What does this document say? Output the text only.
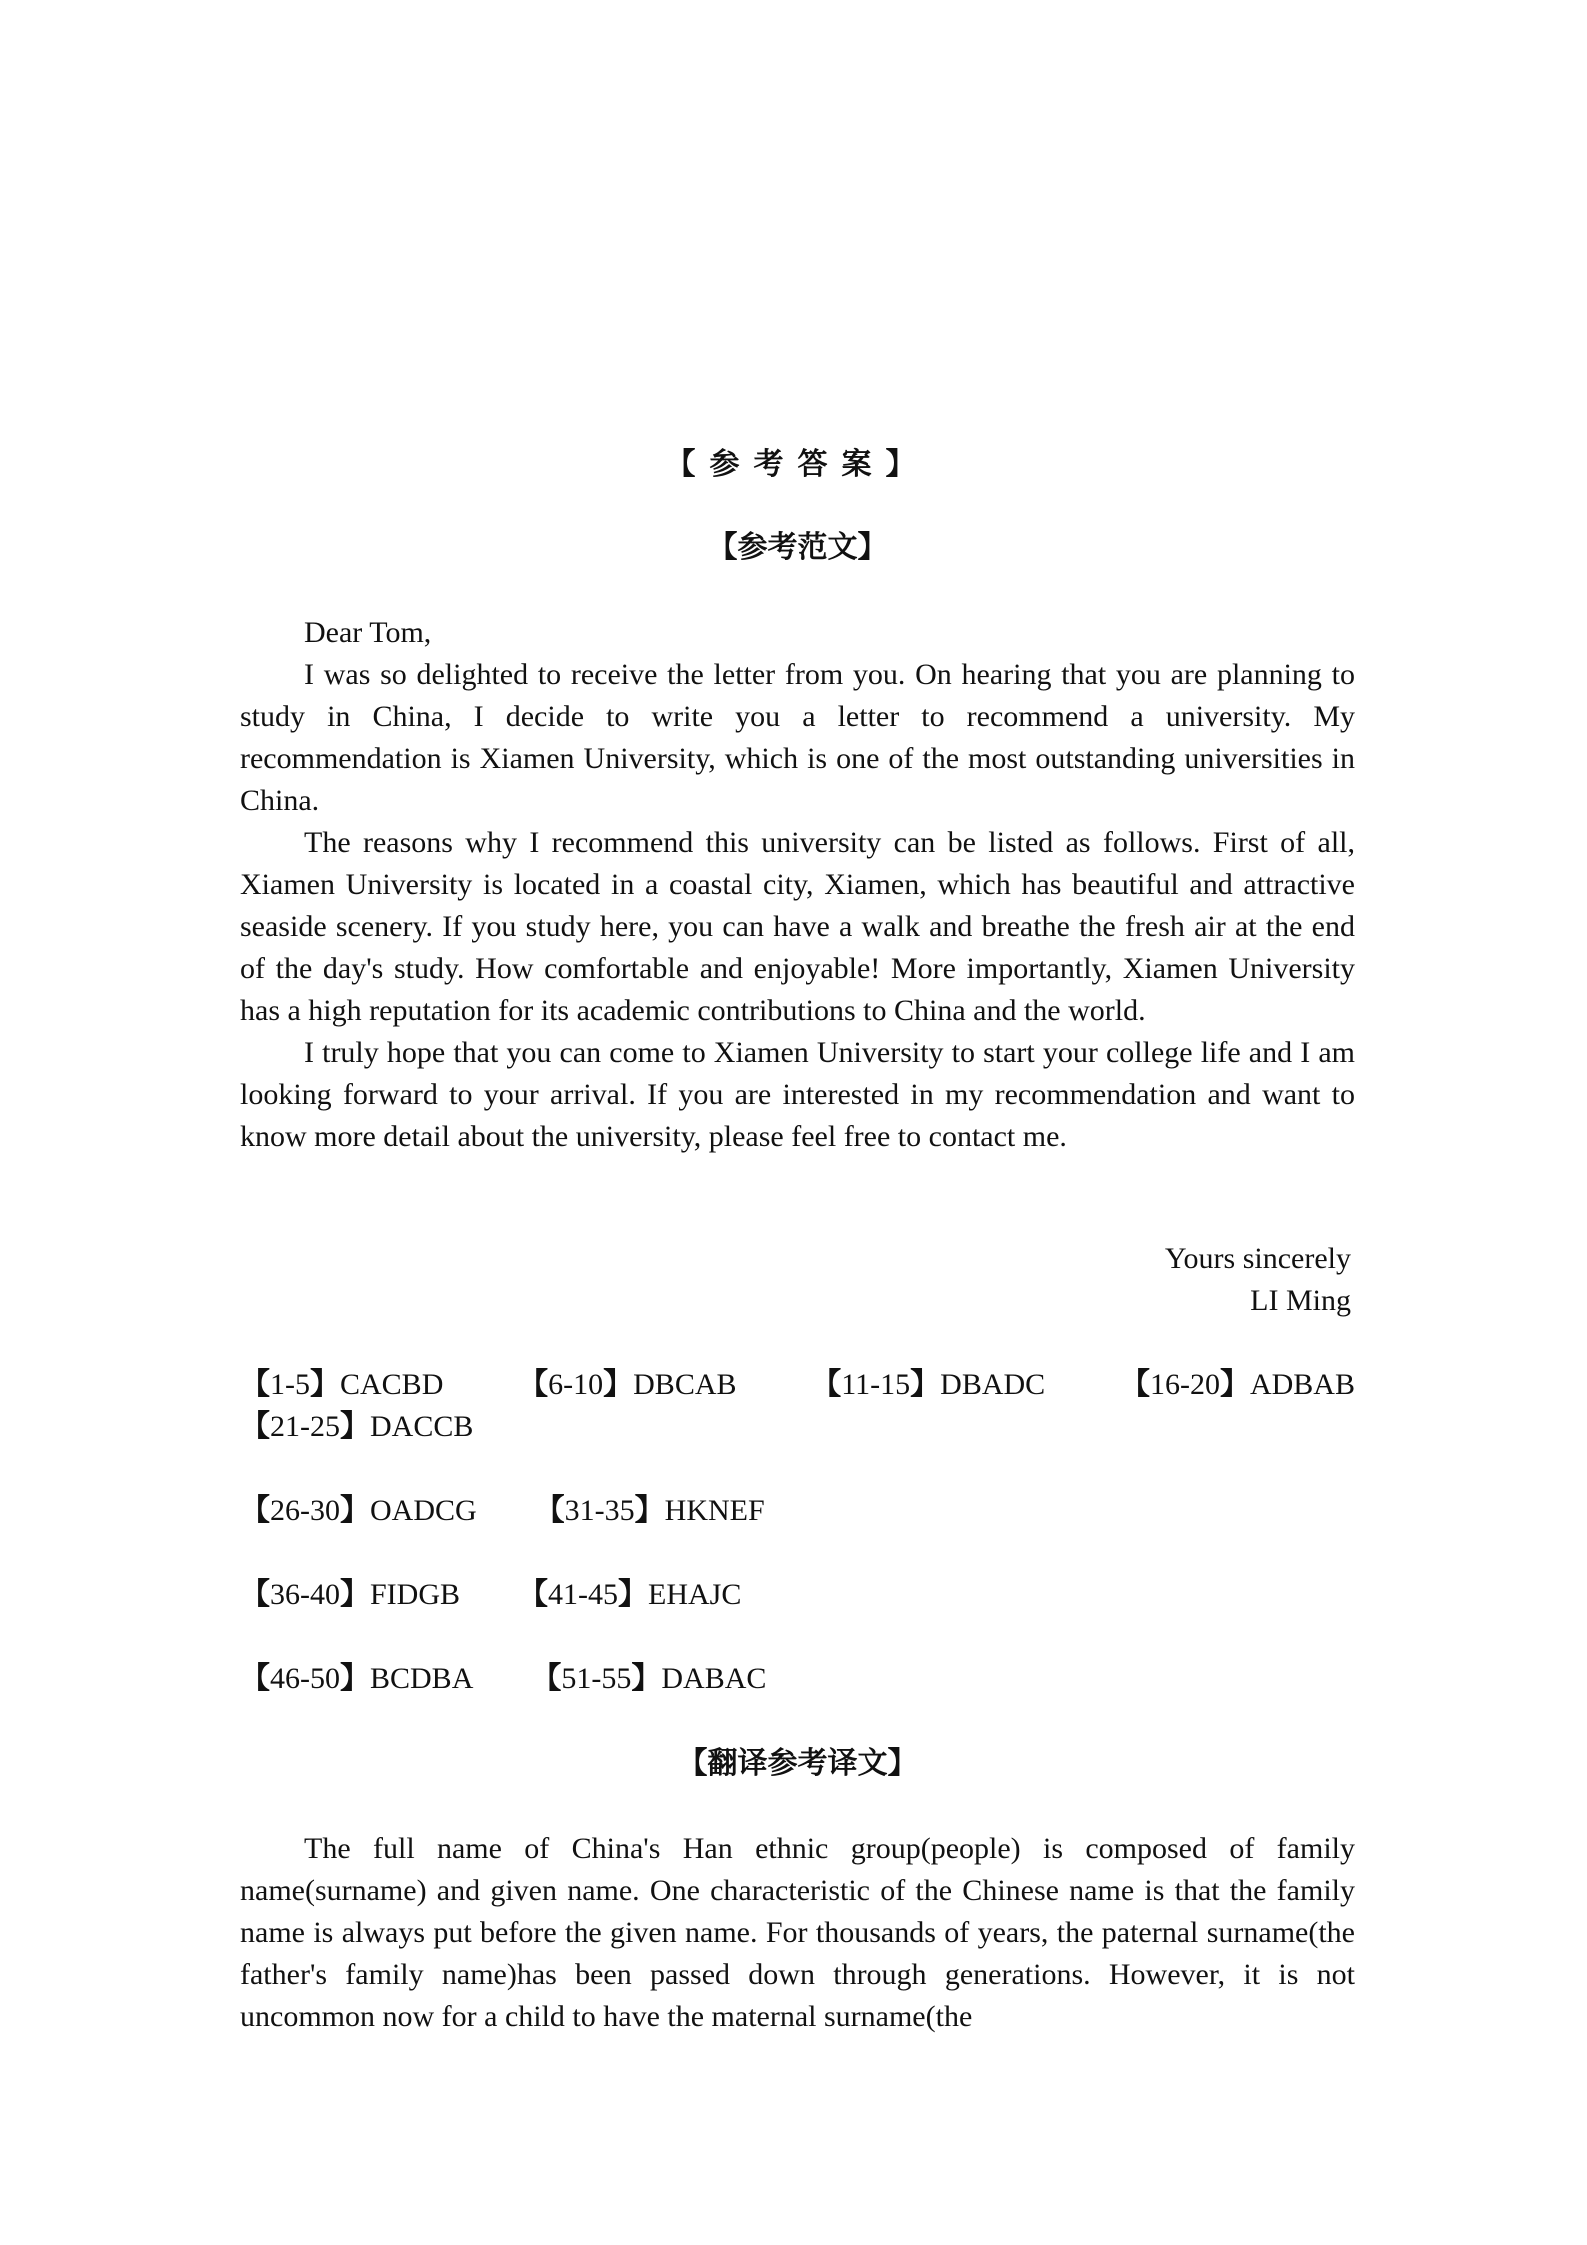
【参考答案】
【参考范文】

Dear Tom,

I was so delighted to receive the letter from you. On hearing that you are planning to study in China, I decide to write you a letter to recommend a university. My recommendation is Xiamen University, which is one of the most outstanding universities in China.

The reasons why I recommend this university can be listed as follows. First of all, Xiamen University is located in a coastal city, Xiamen, which has beautiful and attractive seaside scenery. If you study here, you can have a walk and breathe the fresh air at the end of the day's study. How comfortable and enjoyable! More importantly, Xiamen University has a high reputation for its academic contributions to China and the world.

I truly hope that you can come to Xiamen University to start your college life and I am looking forward to your arrival. If you are interested in my recommendation and want to know more detail about the university, please feel free to contact me.

Yours sincerely
LI Ming
【1-5】CACBD 【6-10】DBCAB 【11-15】DBADC 【16-20】ADBAB
【21-25】DACCB
【26-30】OADCG 【31-35】HKNEF
【36-40】FIDGB 【41-45】EHAJC
【46-50】BCDBA 【51-55】DABAC
【翻译参考译文】

The full name of China's Han ethnic group(people) is composed of family name(surname) and given name. One characteristic of the Chinese name is that the family name is always put before the given name. For thousands of years, the paternal surname(the father's family name)has been passed down through generations. However, it is not uncommon now for a child to have the maternal surname(the
